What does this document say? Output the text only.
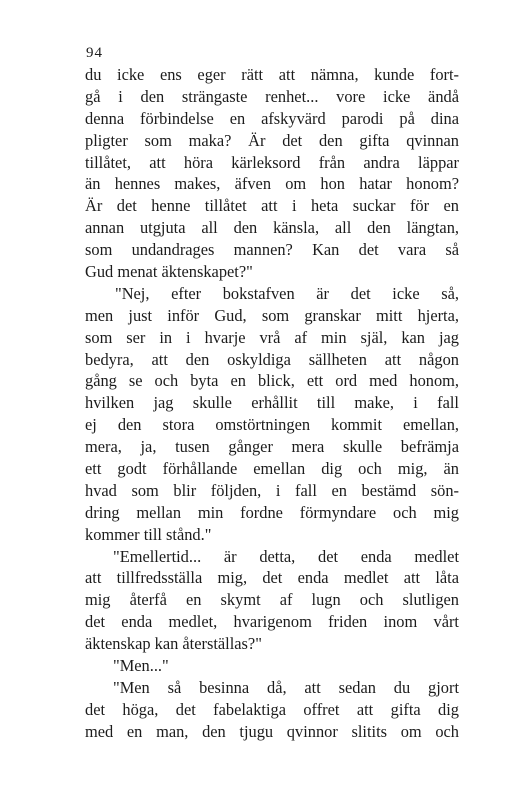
94
du icke ens eger rätt att nämna, kunde fort-
gå i den strängaste renhet... vore icke ändå
denna förbindelse en afskyvärd parodi på dina
pligter som maka? Är det den gifta qvinnan
tillåtet, att höra kärleksord från andra läppar
än hennes makes, äfven om hon hatar honom?
Är det henne tillåtet att i heta suckar för en
annan utgjuta all den känsla, all den längtan,
som undandrages mannen? Kan det vara så
Gud menat äktenskapet?"
"Nej, efter bokstafven är det icke så,
men just inför Gud, som granskar mitt hjerta,
som ser in i hvarje vrå af min själ, kan jag
bedyra, att den oskyldiga sällheten att någon
gång se och byta en blick, ett ord med honom,
hvilken jag skulle erhållit till make, i fall
ej den stora omstörtningen kommit emellan,
mera, ja, tusen gånger mera skulle befrämja
ett godt förhållande emellan dig och mig, än
hvad som blir följden, i fall en bestämd sön-
dring mellan min fordne förmyndare och mig
kommer till stånd."
"Emellertid... är detta, det enda medlet
att tillfredsställa mig, det enda medlet att låta
mig återfå en skymt af lugn och slutligen
det enda medlet, hvarigenom friden inom vårt
äktenskap kan återställas?"
"Men..."
"Men så besinna då, att sedan du gjort
det höga, det fabelaktiga offret att gifta dig
med en man, den tjugu qvinnor slitits om och
